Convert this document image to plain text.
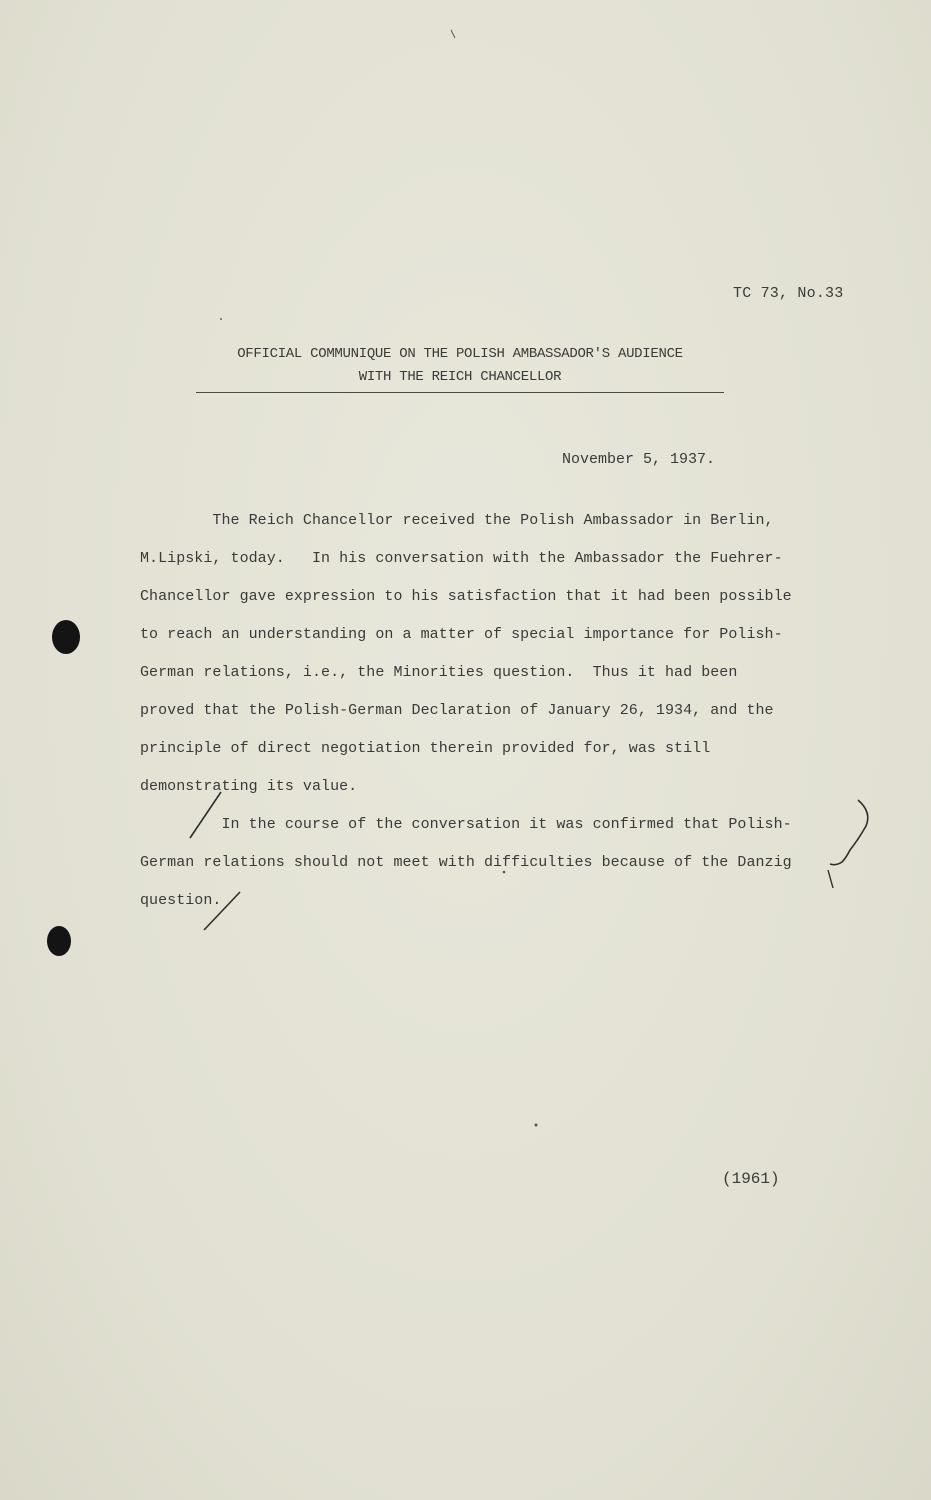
TC 73, No.33
OFFICIAL COMMUNIQUE ON THE POLISH AMBASSADOR'S AUDIENCE
WITH THE REICH CHANCELLOR
November 5, 1937.
The Reich Chancellor received the Polish Ambassador in Berlin,
M.Lipski, today.   In his conversation with the Ambassador the Fuehrer-
Chancellor gave expression to his satisfaction that it had been possible
to reach an understanding on a matter of special importance for Polish-
German relations, i.e., the Minorities question.  Thus it had been
proved that the Polish-German Declaration of January 26, 1934, and the
principle of direct negotiation therein provided for, was still
demonstrating its value.
In the course of the conversation it was confirmed that Polish-
German relations should not meet with difficulties because of the Danzig
question.
(1961)
